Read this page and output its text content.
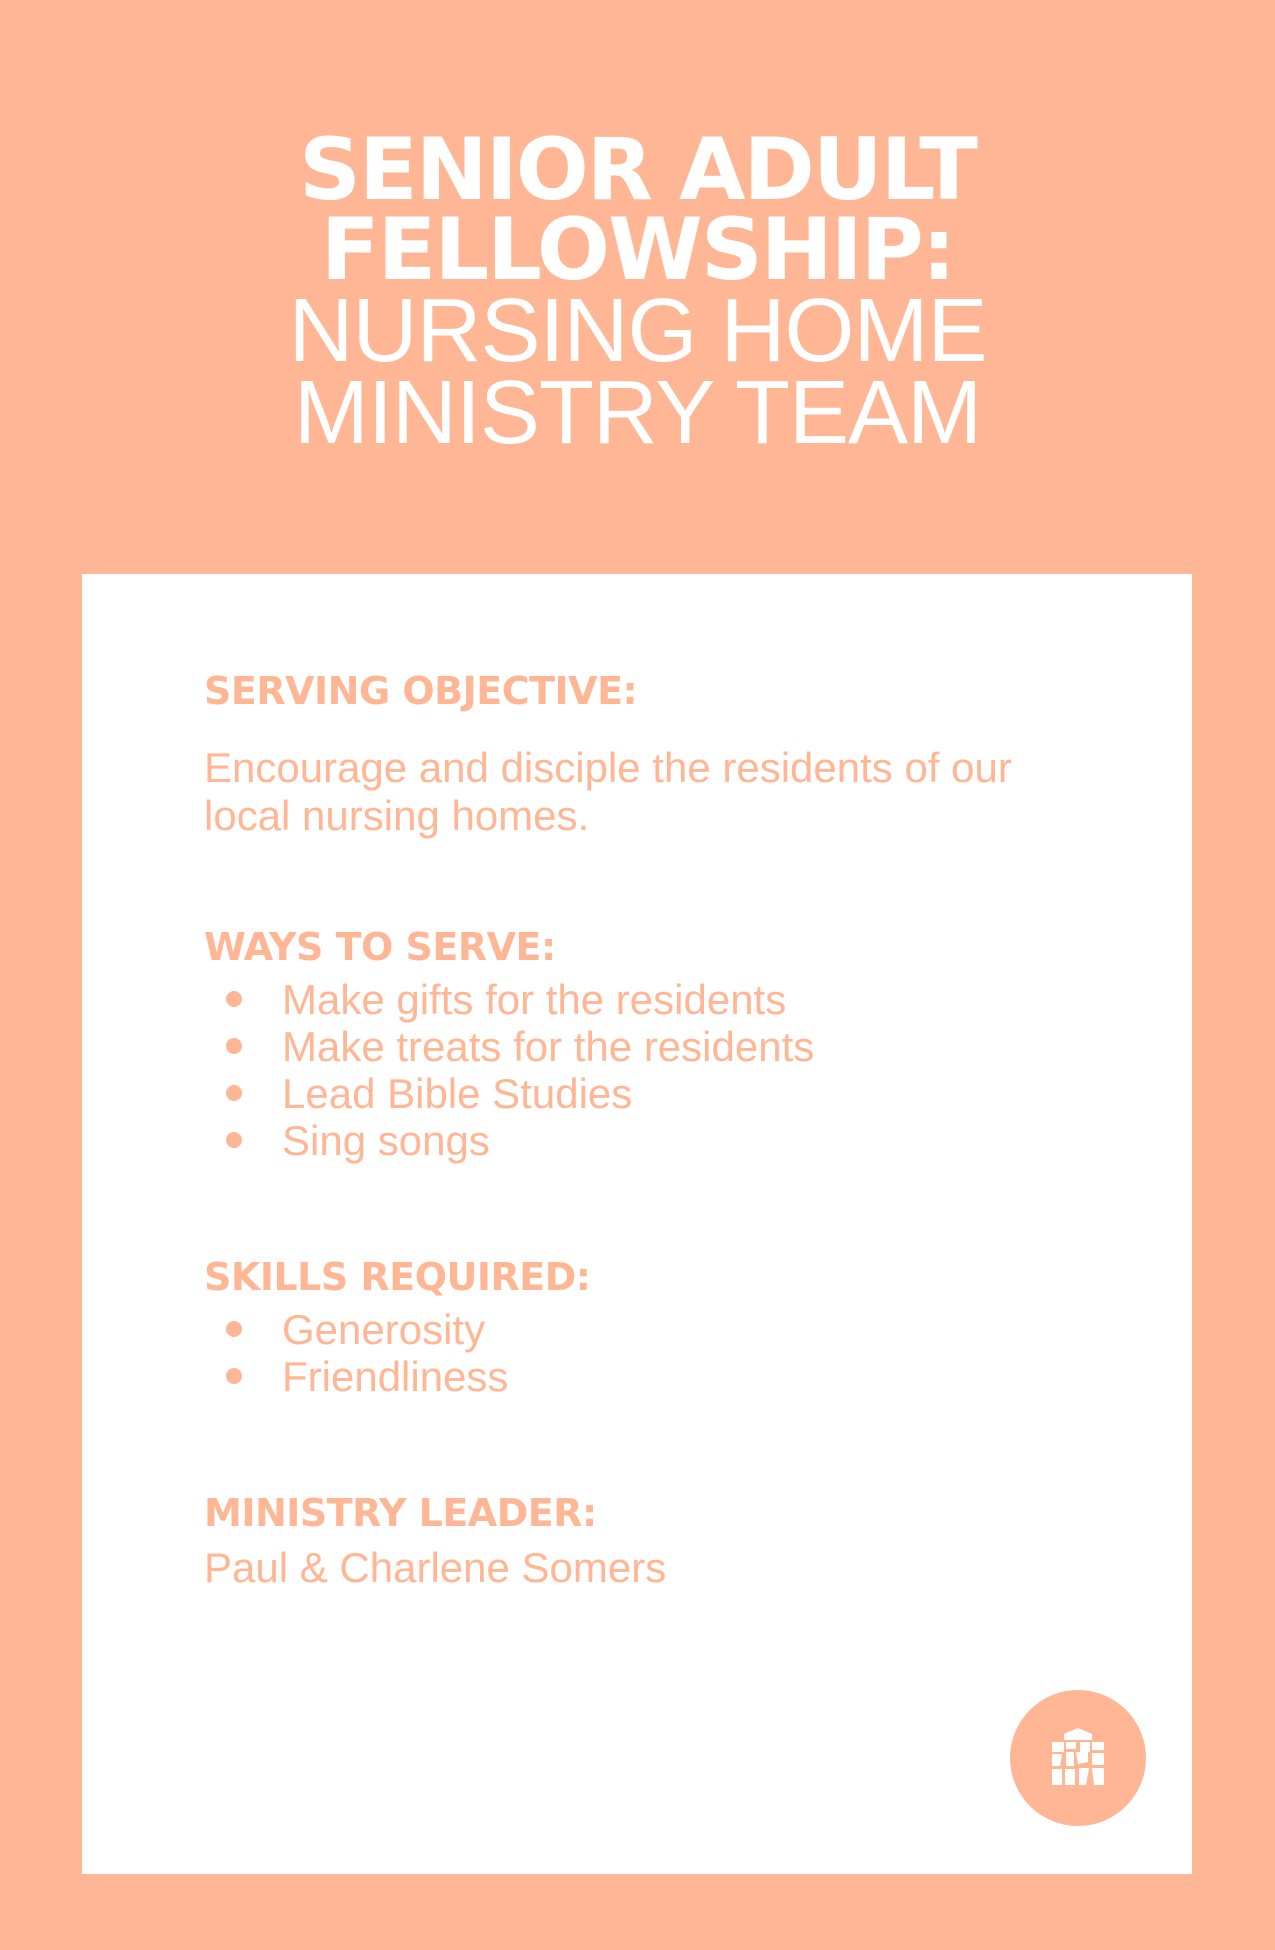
SENIOR ADULT
FELLOWSHIP:
NURSING HOME
MINISTRY TEAM

SERVING OBJECTIVE:

Encourage and disciple the residents of our local nursing homes.

WAYS TO SERVE:

Make gifts for the residents
Make treats for the residents
Lead Bible Studies
Sing songs

SKILLS REQUIRED:

Generosity
Friendliness

MINISTRY LEADER:

Paul & Charlene Somers
